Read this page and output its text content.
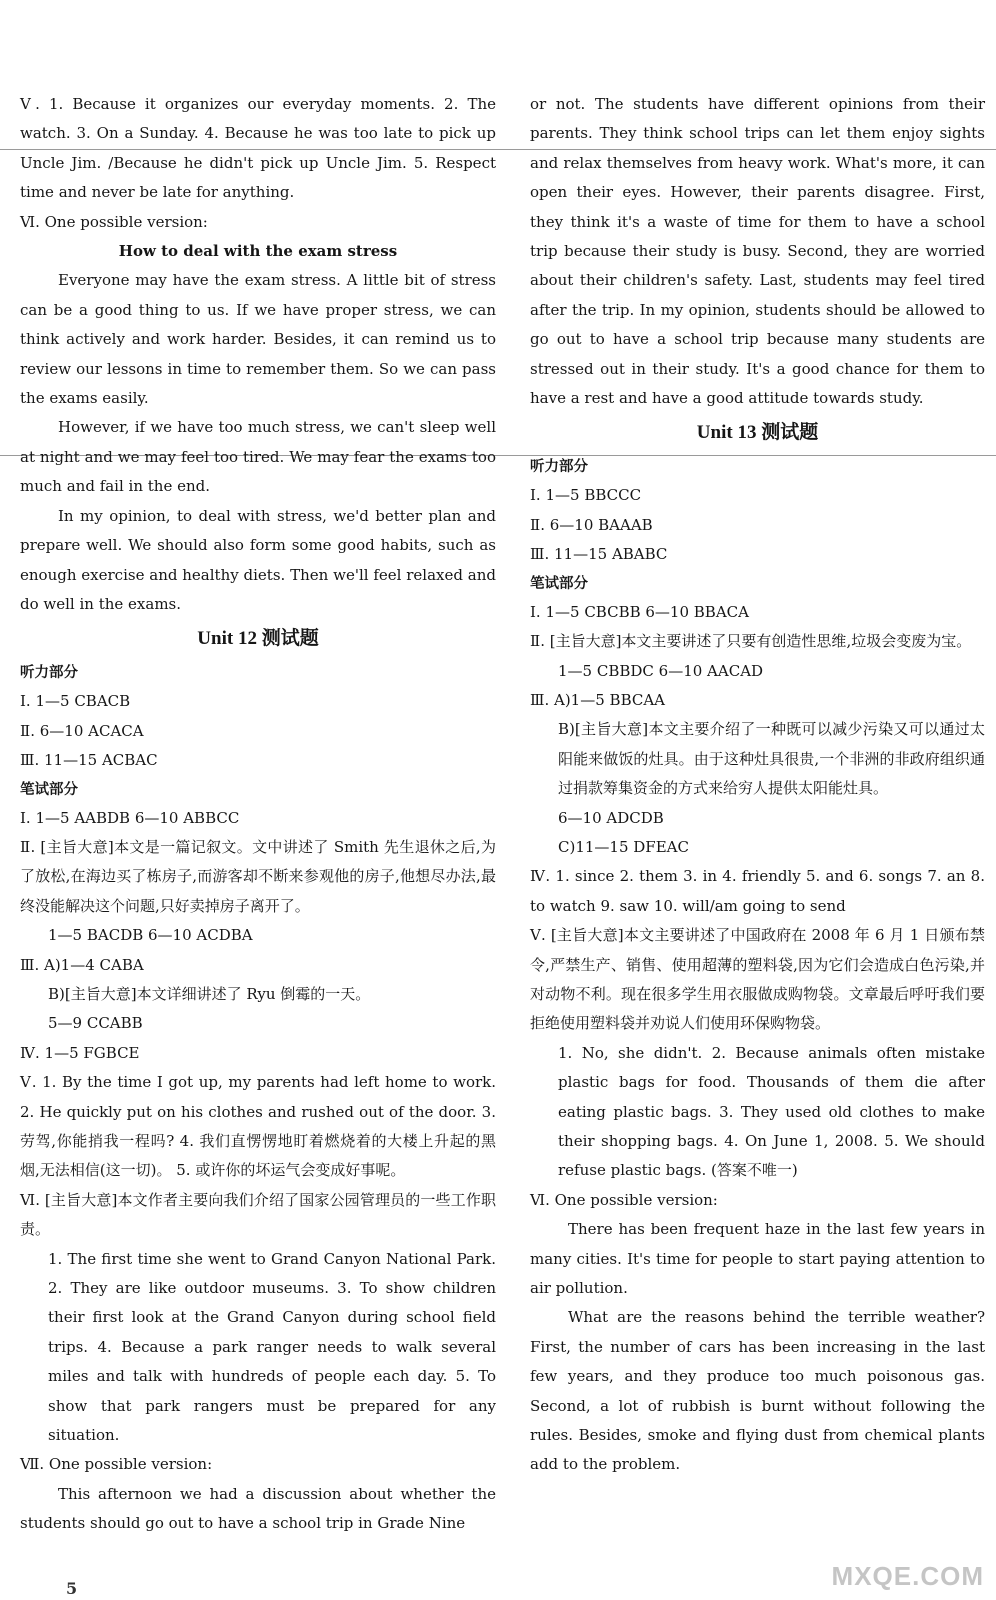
Ⅴ. 1. Because it organizes our everyday moments. 2. The watch. 3. On a Sunday. 4. Because he was too late to pick up Uncle Jim. /Because he didn't pick up Uncle Jim. 5. Respect time and never be late for anything.

Ⅵ. One possible version:

How to deal with the exam stress

Everyone may have the exam stress. A little bit of stress can be a good thing to us. If we have proper stress, we can think actively and work harder. Besides, it can remind us to review our lessons in time to remember them. So we can pass the exams easily.

However, if we have too much stress, we can't sleep well at night and we may feel too tired. We may fear the exams too much and fail in the end.

In my opinion, to deal with stress, we'd better plan and prepare well. We should also form some good habits, such as enough exercise and healthy diets. Then we'll feel relaxed and do well in the exams.

Unit 12 测试题

听力部分

Ⅰ. 1—5 CBACB

Ⅱ. 6—10 ACACA

Ⅲ. 11—15 ACBAC

笔试部分

Ⅰ. 1—5 AABDB 6—10 ABBCC

Ⅱ. [主旨大意]本文是一篇记叙文。文中讲述了 Smith 先生退休之后,为了放松,在海边买了栋房子,而游客却不断来参观他的房子,他想尽办法,最终没能解决这个问题,只好卖掉房子离开了。

1—5 BACDB 6—10 ACDBA

Ⅲ. A)1—4 CABA

B)[主旨大意]本文详细讲述了 Ryu 倒霉的一天。

5—9 CCABB

Ⅳ. 1—5 FGBCE

Ⅴ. 1. By the time I got up, my parents had left home to work. 2. He quickly put on his clothes and rushed out of the door. 3. 劳驾,你能捎我一程吗? 4. 我们直愣愣地盯着燃烧着的大楼上升起的黑烟,无法相信(这一切)。 5. 或许你的坏运气会变成好事呢。

Ⅵ. [主旨大意]本文作者主要向我们介绍了国家公园管理员的一些工作职责。

1. The first time she went to Grand Canyon National Park. 2. They are like outdoor museums. 3. To show children their first look at the Grand Canyon during school field trips. 4. Because a park ranger needs to walk several miles and talk with hundreds of people each day. 5. To show that park rangers must be prepared for any situation.

Ⅶ. One possible version:

This afternoon we had a discussion about whether the students should go out to have a school trip in Grade Nine

or not. The students have different opinions from their parents. They think school trips can let them enjoy sights and relax themselves from heavy work. What's more, it can open their eyes. However, their parents disagree. First, they think it's a waste of time for them to have a school trip because their study is busy. Second, they are worried about their children's safety. Last, students may feel tired after the trip. In my opinion, students should be allowed to go out to have a school trip because many students are stressed out in their study. It's a good chance for them to have a rest and have a good attitude towards study.

Unit 13 测试题

听力部分

Ⅰ. 1—5 BBCCC

Ⅱ. 6—10 BAAAB

Ⅲ. 11—15 ABABC

笔试部分

Ⅰ. 1—5 CBCBB 6—10 BBACA

Ⅱ. [主旨大意]本文主要讲述了只要有创造性思维,垃圾会变废为宝。

1—5 CBBDC 6—10 AACAD

Ⅲ. A)1—5 BBCAA

B)[主旨大意]本文主要介绍了一种既可以减少污染又可以通过太阳能来做饭的灶具。由于这种灶具很贵,一个非洲的非政府组织通过捐款筹集资金的方式来给穷人提供太阳能灶具。

6—10 ADCDB

C)11—15 DFEAC

Ⅳ. 1. since 2. them 3. in 4. friendly 5. and 6. songs 7. an 8. to watch 9. saw 10. will/am going to send

Ⅴ. [主旨大意]本文主要讲述了中国政府在 2008 年 6 月 1 日颁布禁令,严禁生产、销售、使用超薄的塑料袋,因为它们会造成白色污染,并对动物不利。现在很多学生用衣服做成购物袋。文章最后呼吁我们要拒绝使用塑料袋并劝说人们使用环保购物袋。

1. No, she didn't. 2. Because animals often mistake plastic bags for food. Thousands of them die after eating plastic bags. 3. They used old clothes to make their shopping bags. 4. On June 1, 2008. 5. We should refuse plastic bags. (答案不唯一)

Ⅵ. One possible version:

There has been frequent haze in the last few years in many cities. It's time for people to start paying attention to air pollution.

What are the reasons behind the terrible weather? First, the number of cars has been increasing in the last few years, and they produce too much poisonous gas. Second, a lot of rubbish is burnt without following the rules. Besides, smoke and flying dust from chemical plants add to the problem.

5	MXQE.COM
